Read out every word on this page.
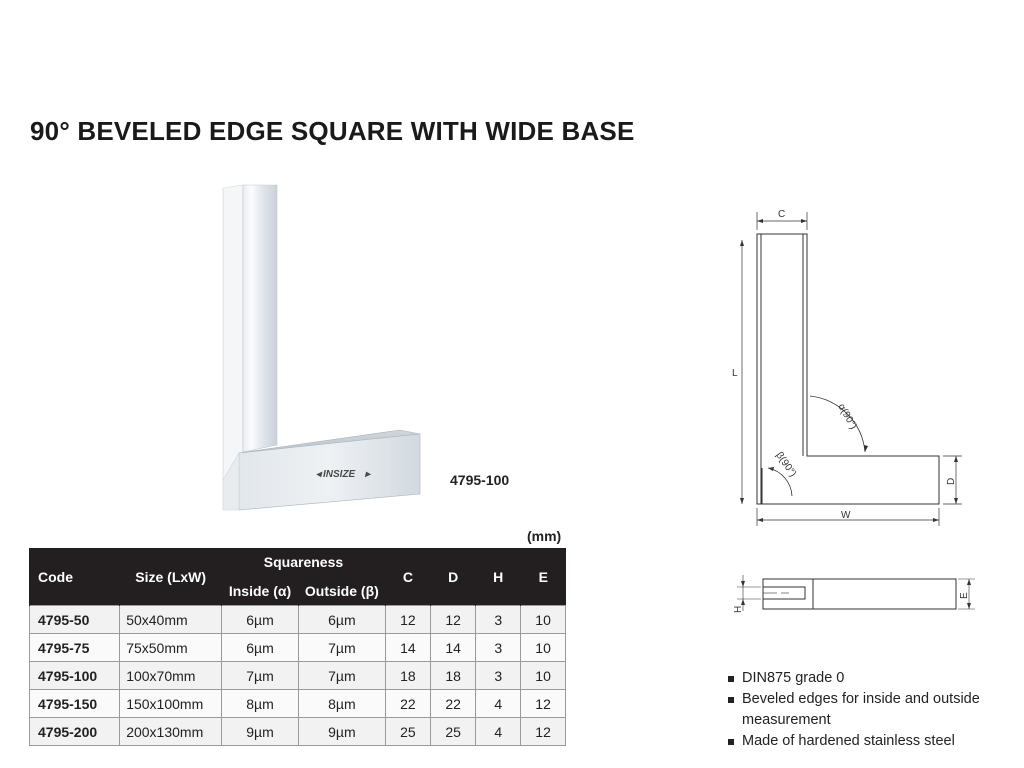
90° BEVELED EDGE SQUARE WITH WIDE BASE
◂ INSIZE ▸	4795-100
(mm)
Code	Size (LxW)	Squareness		C	D	H	E
		Inside (α)	Outside (β)				
4795-50	50x40mm	6µm	6µm	12	12	3	10
4795-75	75x50mm	6µm	7µm	14	14	3	10
4795-100	100x70mm	7µm	7µm	18	18	3	10
4795-150	150x100mm	8µm	8µm	22	22	4	12
4795-200	200x130mm	9µm	9µm	25	25	4	12
C
L
D
W
α(90°)
β(90°)
H
E
DIN875 grade 0
Beveled edges for inside and outside measurement
Made of hardened stainless steel
